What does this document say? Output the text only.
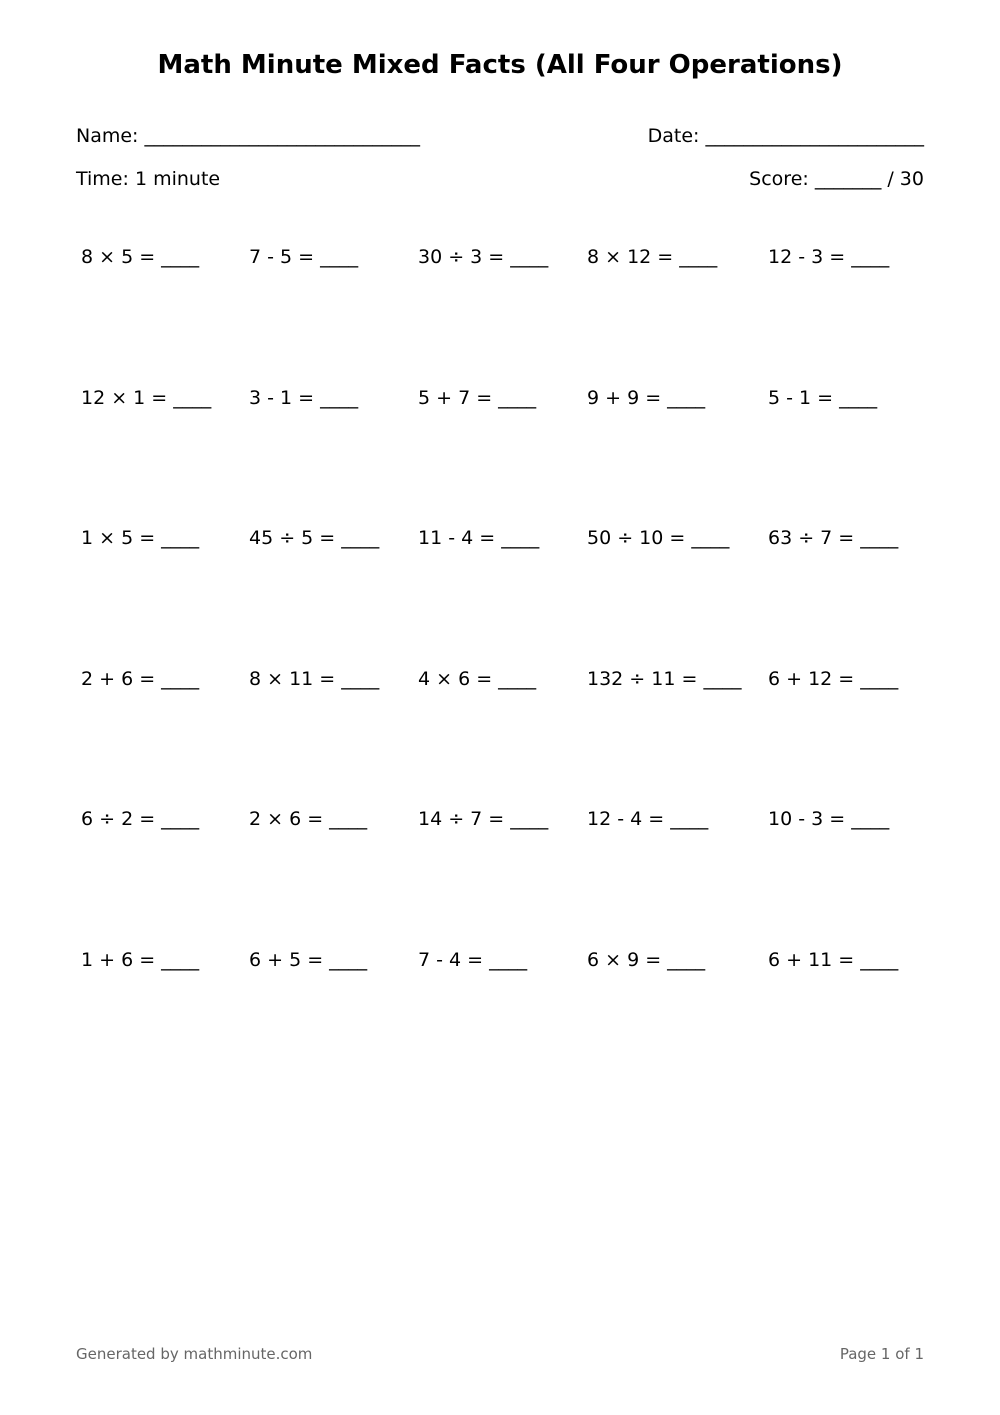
Math Minute Mixed Facts (All Four Operations)
Name: _____________________________	Date: _______________________
Time: 1 minute	Score: _______ / 30
8 × 5 = ____	7 - 5 = ____	30 ÷ 3 = ____ 8 × 12 = ____	12 - 3 = ____
12 × 1 = ____ 3 - 1 = ____	5 + 7 = ____	9 + 9 = ____	5 - 1 = ____
1 × 5 = ____	45 ÷ 5 = ____ 11 - 4 = ____	50 ÷ 10 = ____ 63 ÷ 7 = ____
2 + 6 = ____	8 × 11 = ____ 4 × 6 = ____	132 ÷ 11 = ____ 6 + 12 = ____
6 ÷ 2 = ____	2 × 6 = ____	14 ÷ 7 = ____ 12 - 4 = ____	10 - 3 = ____
1 + 6 = ____	6 + 5 = ____	7 - 4 = ____	6 × 9 = ____	6 + 11 = ____
Generated by mathminute.com	Page 1 of 1
